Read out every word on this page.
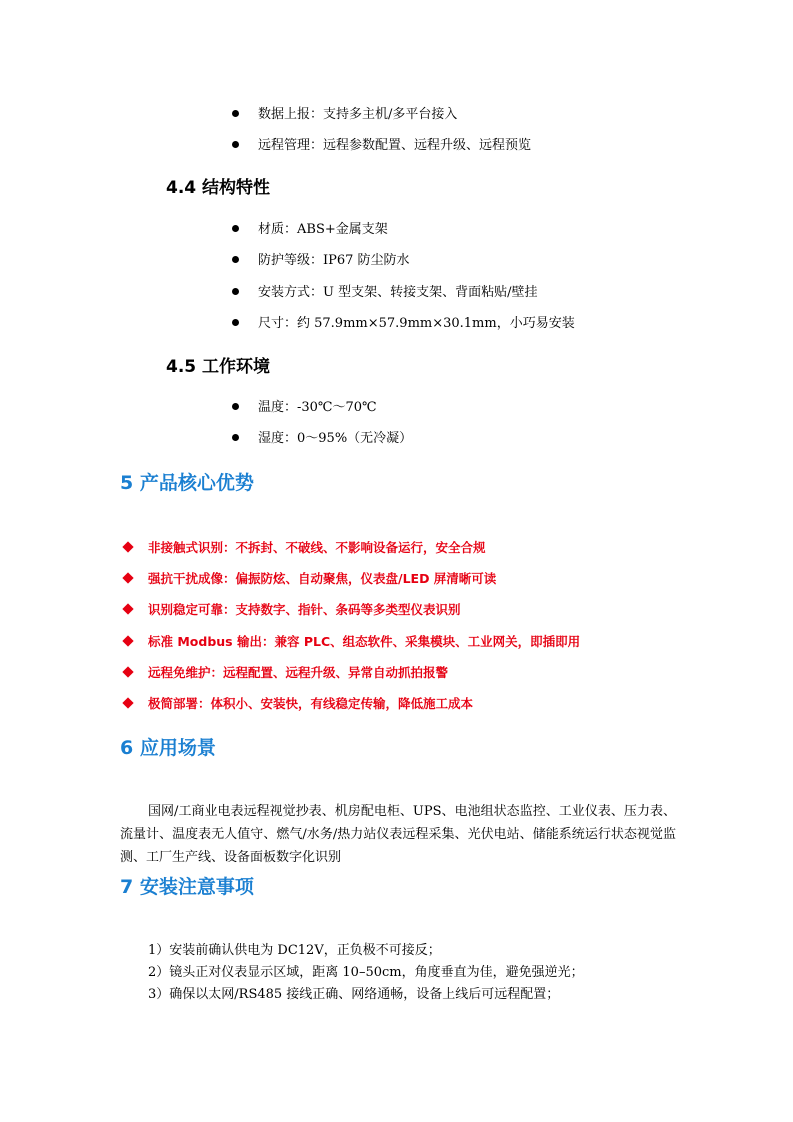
数据上报：支持多主机/多平台接入
远程管理：远程参数配置、远程升级、远程预览
4.4 结构特性
材质：ABS+金属支架
防护等级：IP67 防尘防水
安装方式：U 型支架、转接支架、背面粘贴/壁挂
尺寸：约 57.9mm×57.9mm×30.1mm，小巧易安装
4.5 工作环境
温度：-30℃～70℃
湿度：0～95%（无冷凝）
5 产品核心优势
非接触式识别：不拆封、不破线、不影响设备运行，安全合规
强抗干扰成像：偏振防炫、自动聚焦，仪表盘/LED 屏清晰可读
识别稳定可靠：支持数字、指针、条码等多类型仪表识别
标准 Modbus 输出：兼容 PLC、组态软件、采集模块、工业网关，即插即用
远程免维护：远程配置、远程升级、异常自动抓拍报警
极简部署：体积小、安装快，有线稳定传输，降低施工成本
6 应用场景
国网/工商业电表远程视觉抄表、机房配电柜、UPS、电池组状态监控、工业仪表、压力表、流量计、温度表无人值守、燃气/水务/热力站仪表远程采集、光伏电站、储能系统运行状态视觉监测、工厂生产线、设备面板数字化识别
7 安装注意事项
1）安装前确认供电为 DC12V，正负极不可接反；
2）镜头正对仪表显示区域，距离 10–50cm，角度垂直为佳，避免强逆光；
3）确保以太网/RS485 接线正确、网络通畅，设备上线后可远程配置；
